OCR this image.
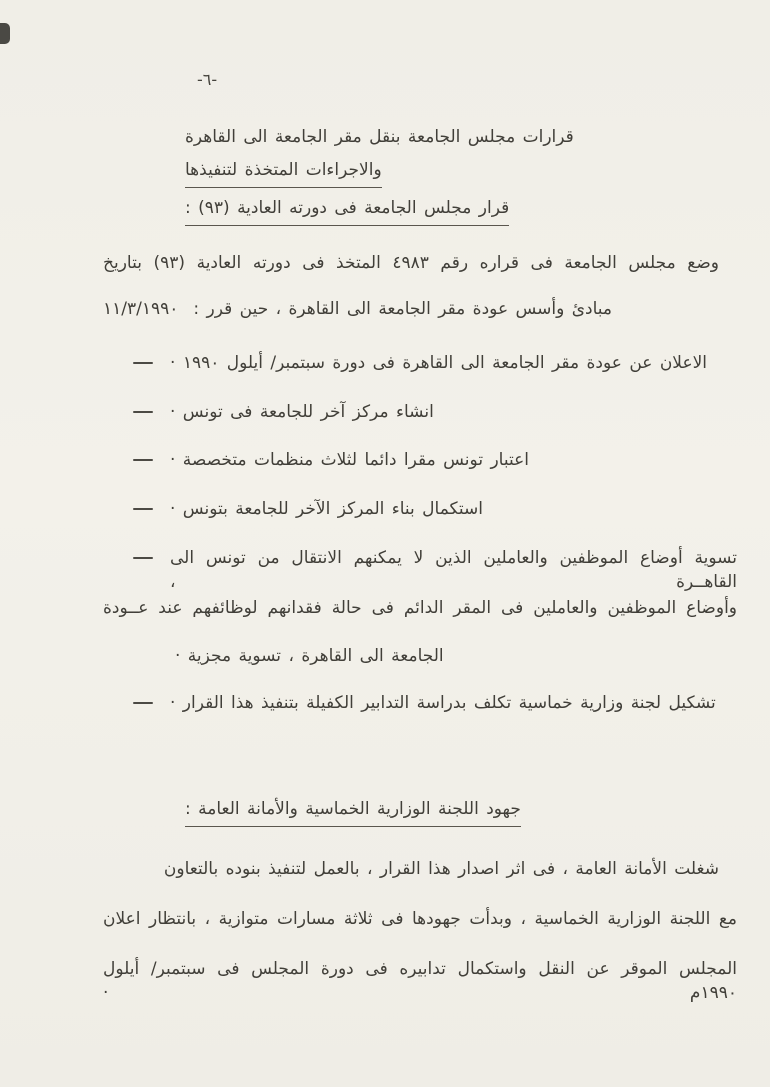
-٦-
قرارات مجلس الجامعة بنقل مقر الجامعة الى القاهرة
والاجراءات المتخذة لتنفيذها
قرار مجلس الجامعة فى دورته العادية (٩٣) :
وضع مجلس الجامعة فى قراره رقم ٤٩٨٣ المتخذ فى دورته العادية (٩٣) بتاريخ
١١/٣/١٩٩٠ مبادئ وأسس عودة مقر الجامعة الى القاهرة ، حين قرر :
الاعلان عن عودة مقر الجامعة الى القاهرة فى دورة سبتمبر/ أيلول ١٩٩٠ ·
انشاء مركز آخر للجامعة فى تونس ·
اعتبار تونس مقرا دائما لثلاث منظمات متخصصة ·
استكمال بناء المركز الآخر للجامعة بتونس ·
تسوية أوضاع الموظفين والعاملين الذين لا يمكنهم الانتقال من تونس الى القاهــرة ،
وأوضاع الموظفين والعاملين فى المقر الدائم فى حالة فقدانهم لوظائفهم عند عــودة
الجامعة الى القاهرة ، تسوية مجزية ·
تشكيل لجنة وزارية خماسية تكلف بدراسة التدابير الكفيلة بتنفيذ هذا القرار ·
جهود اللجنة الوزارية الخماسية والأمانة العامة :
شغلت الأمانة العامة ، فى اثر اصدار هذا القرار ، بالعمل لتنفيذ بنوده بالتعاون
مع اللجنة الوزارية الخماسية ، وبدأت جهودها فى ثلاثة مسارات متوازية ، بانتظار اعلان
المجلس الموقر عن النقل واستكمال تدابيره فى دورة المجلس فى سبتمبر/ أيلول ١٩٩٠م ·
